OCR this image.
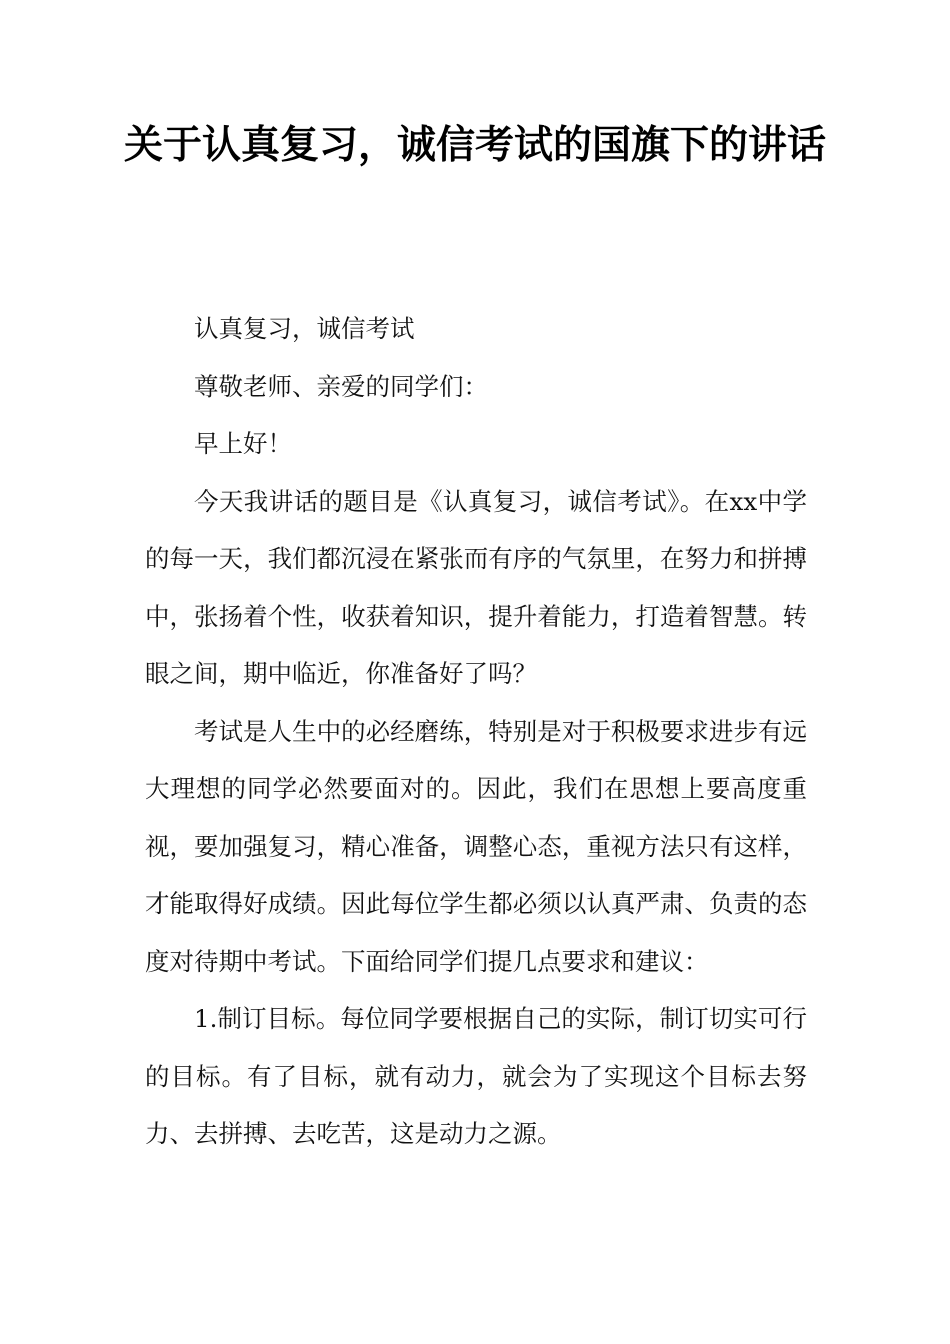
关于认真复习，诚信考试的国旗下的讲话

认真复习，诚信考试

尊敬老师、亲爱的同学们：

早上好！

今天我讲话的题目是《认真复习，诚信考试》。在xx中学的每一天，我们都沉浸在紧张而有序的气氛里，在努力和拼搏中，张扬着个性，收获着知识，提升着能力，打造着智慧。转眼之间，期中临近，你准备好了吗？

考试是人生中的必经磨练，特别是对于积极要求进步有远大理想的同学必然要面对的。因此，我们在思想上要高度重视，要加强复习，精心准备，调整心态，重视方法只有这样，才能取得好成绩。因此每位学生都必须以认真严肃、负责的态度对待期中考试。下面给同学们提几点要求和建议：

1.制订目标。每位同学要根据自己的实际，制订切实可行的目标。有了目标，就有动力，就会为了实现这个目标去努力、去拼搏、去吃苦，这是动力之源。
